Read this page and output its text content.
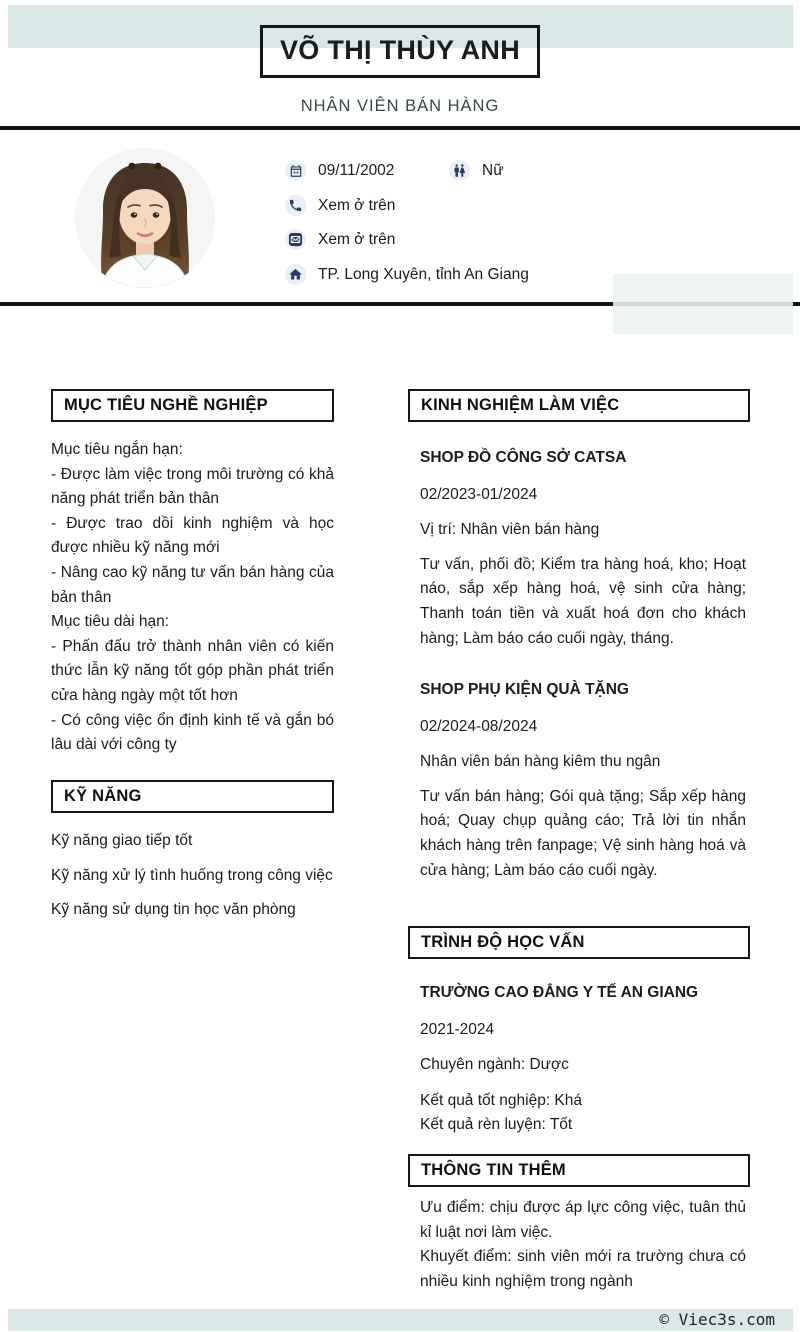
VÕ THỊ THÙY ANH
NHÂN VIÊN BÁN HÀNG
09/11/2002	Nữ
Xem ở trên
Xem ở trên
TP. Long Xuyên, tỉnh An Giang
MỤC TIÊU NGHỀ NGHIỆP

Mục tiêu ngắn hạn:

- Được làm việc trong môi trường có khả năng phát triển bản thân

- Được trao dồi kinh nghiệm và học được nhiều kỹ năng mới

- Nâng cao kỹ năng tư vấn bán hàng của bản thân

Mục tiêu dài hạn:

- Phấn đấu trở thành nhân viên có kiến thức lẫn kỹ năng tốt góp phần phát triển cửa hàng ngày một tốt hơn

- Có công việc ổn định kinh tế và gắn bó lâu dài với công ty

KỸ NĂNG

Kỹ năng giao tiếp tốt

Kỹ năng xử lý tình huống trong công việc

Kỹ năng sử dụng tin học văn phòng

KINH NGHIỆM LÀM VIỆC

SHOP ĐỒ CÔNG SỞ CATSA

02/2023-01/2024

Vị trí: Nhân viên bán hàng

Tư vấn, phối đồ; Kiểm tra hàng hoá, kho; Hoạt náo, sắp xếp hàng hoá, vệ sinh cửa hàng; Thanh toán tiền và xuất hoá đơn cho khách hàng; Làm báo cáo cuối ngày, tháng.

SHOP PHỤ KIỆN QUÀ TẶNG

02/2024-08/2024

Nhân viên bán hàng kiêm thu ngân

Tư vấn bán hàng; Gói quà tặng; Sắp xếp hàng hoá; Quay chụp quảng cáo; Trả lời tin nhắn khách hàng trên fanpage; Vệ sinh hàng hoá và cửa hàng; Làm báo cáo cuối ngày.

TRÌNH ĐỘ HỌC VẤN

TRƯỜNG CAO ĐẲNG Y TẾ AN GIANG

2021-2024

Chuyên ngành: Dược

Kết quả tốt nghiệp: Khá

Kết quả rèn luyện: Tốt

THÔNG TIN THÊM

Ưu điểm: chịu được áp lực công việc, tuân thủ kỉ luật nơi làm việc.

Khuyết điểm: sinh viên mới ra trường chưa có nhiều kinh nghiệm trong ngành

© Viec3s.com
